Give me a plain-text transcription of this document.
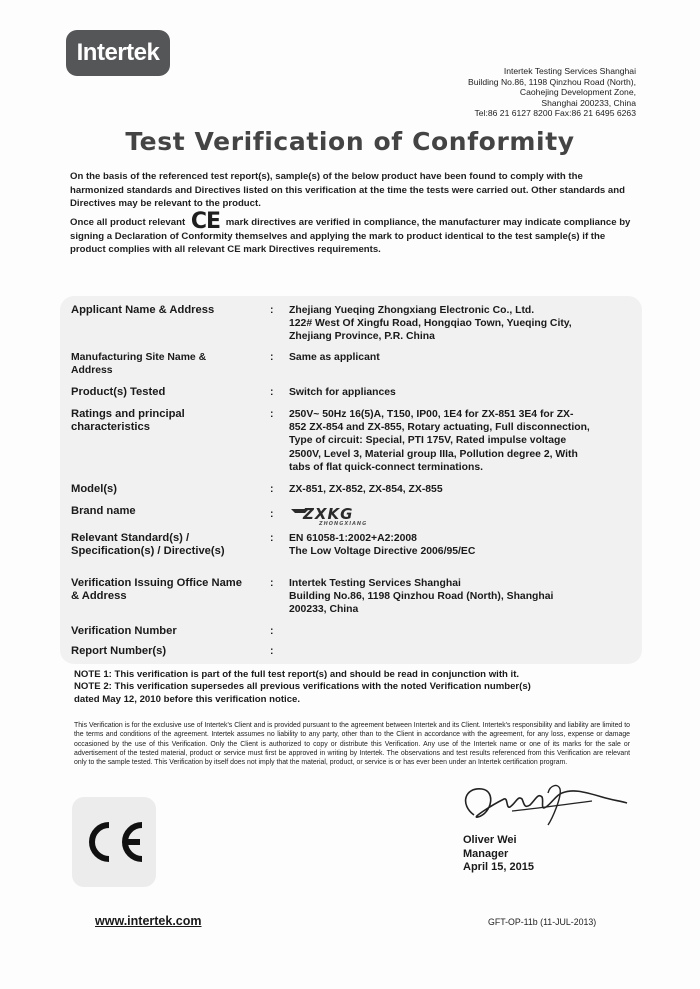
Intertek
Intertek Testing Services Shanghai
Building No.86, 1198 Qinzhou Road (North),
Caohejing Development Zone,
Shanghai 200233, China
Tel:86 21 6127 8200 Fax:86 21 6495 6263
Test Verification of Conformity
On the basis of the referenced test report(s), sample(s) of the below product have been found to comply with the harmonized standards and Directives listed on this verification at the time the tests were carried out. Other standards and Directives may be relevant to the product.
Once all product relevant CE mark directives are verified in compliance, the manufacturer may indicate compliance by signing a Declaration of Conformity themselves and applying the mark to product identical to the test sample(s) if the product complies with all relevant CE mark Directives requirements.
Applicant Name & Address	: Zhejiang Yueqing Zhongxiang Electronic Co., Ltd.
122# West Of Xingfu Road, Hongqiao Town, Yueqing City,
Zhejiang Province, P.R. China
Manufacturing Site Name &
Address
: Same as applicant
Product(s) Tested	: Switch for appliances
Ratings and principal
characteristics
: 250V~ 50Hz 16(5)A, T150, IP00, 1E4 for ZX-851 3E4 for ZX-
852 ZX-854 and ZX-855, Rotary actuating, Full disconnection,
Type of circuit: Special, PTI 175V, Rated impulse voltage
2500V, Level 3, Material group IIIa, Pollution degree 2, With
tabs of flat quick-connect terminations.
Model(s)	: ZX-851, ZX-852, ZX-854, ZX-855
Brand name	: ZXKG
ZHONGXIANG
Relevant Standard(s) /
Specification(s) / Directive(s)
: EN 61058-1:2002+A2:2008
The Low Voltage Directive 2006/95/EC
Verification Issuing Office Name
& Address
: Intertek Testing Services Shanghai
Building No.86, 1198 Qinzhou Road (North), Shanghai
200233, China
Verification Number	:
Report Number(s)	:
NOTE 1: This verification is part of the full test report(s) and should be read in conjunction with it.
NOTE 2: This verification supersedes all previous verifications with the noted Verification number(s)
dated May 12, 2010 before this verification notice.
This Verification is for the exclusive use of Intertek's Client and is provided pursuant to the agreement between Intertek and its Client. Intertek's responsibility and liability are limited to the terms and conditions of the agreement. Intertek assumes no liability to any party, other than to the Client in accordance with the agreement, for any loss, expense or damage occasioned by the use of this Verification. Only the Client is authorized to copy or distribute this Verification. Any use of the Intertek name or one of its marks for the sale or advertisement of the tested material, product or service must first be approved in writing by Intertek. The observations and test results referenced from this Verification are relevant only to the sample tested. This Verification by itself does not imply that the material, product, or service is or has ever been under an Intertek certification program.
Oliver Wei
Manager
April 15, 2015
www.intertek.com	GFT-OP-11b (11-JUL-2013)
